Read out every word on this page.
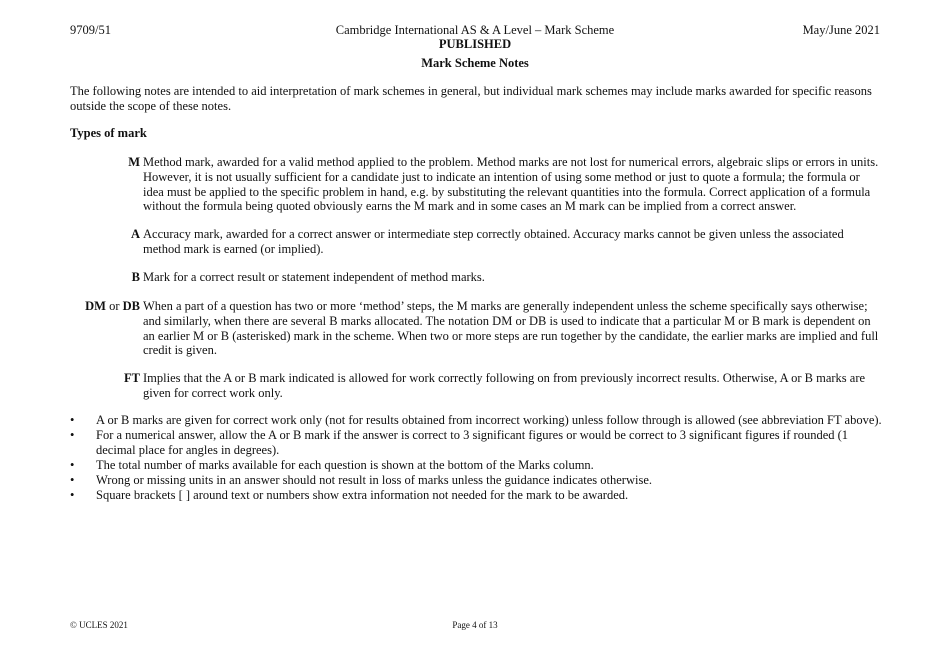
9709/51	Cambridge International AS & A Level – Mark Scheme	May/June 2021
PUBLISHED
Mark Scheme Notes
The following notes are intended to aid interpretation of mark schemes in general, but individual mark schemes may include marks awarded for specific reasons outside the scope of these notes.
Types of mark
M Method mark, awarded for a valid method applied to the problem. Method marks are not lost for numerical errors, algebraic slips or errors in units. However, it is not usually sufficient for a candidate just to indicate an intention of using some method or just to quote a formula; the formula or idea must be applied to the specific problem in hand, e.g. by substituting the relevant quantities into the formula. Correct application of a formula without the formula being quoted obviously earns the M mark and in some cases an M mark can be implied from a correct answer.
A Accuracy mark, awarded for a correct answer or intermediate step correctly obtained. Accuracy marks cannot be given unless the associated method mark is earned (or implied).
B Mark for a correct result or statement independent of method marks.
DM or DB When a part of a question has two or more ‘method’ steps, the M marks are generally independent unless the scheme specifically says otherwise; and similarly, when there are several B marks allocated. The notation DM or DB is used to indicate that a particular M or B mark is dependent on an earlier M or B (asterisked) mark in the scheme. When two or more steps are run together by the candidate, the earlier marks are implied and full credit is given.
FT Implies that the A or B mark indicated is allowed for work correctly following on from previously incorrect results. Otherwise, A or B marks are given for correct work only.
• A or B marks are given for correct work only (not for results obtained from incorrect working) unless follow through is allowed (see abbreviation FT above).
• For a numerical answer, allow the A or B mark if the answer is correct to 3 significant figures or would be correct to 3 significant figures if rounded (1 decimal place for angles in degrees).
• The total number of marks available for each question is shown at the bottom of the Marks column.
• Wrong or missing units in an answer should not result in loss of marks unless the guidance indicates otherwise.
• Square brackets [ ] around text or numbers show extra information not needed for the mark to be awarded.
© UCLES 2021	Page 4 of 13
